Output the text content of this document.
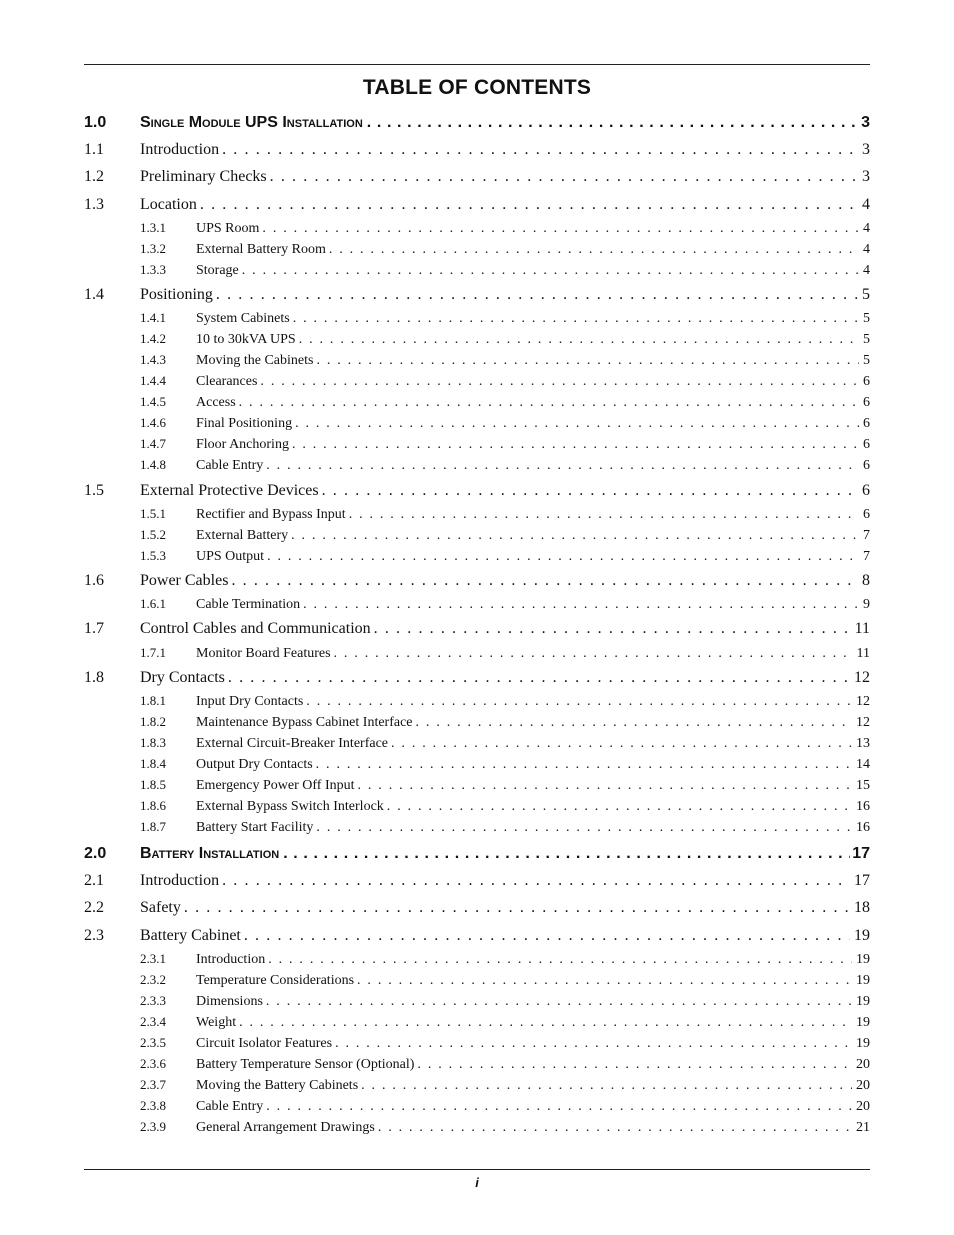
TABLE OF CONTENTS
1.0	Single Module UPS Installation . . .	3
1.1	Introduction . . .	3
1.2	Preliminary Checks . . .	3
1.3	Location . . .	4
1.3.1	UPS Room . . .	4
1.3.2	External Battery Room . . .	4
1.3.3	Storage . . .	4
1.4	Positioning . . .	5
1.4.1	System Cabinets . . .	5
1.4.2	10 to 30kVA UPS . . .	5
1.4.3	Moving the Cabinets . . .	5
1.4.4	Clearances . . .	6
1.4.5	Access . . .	6
1.4.6	Final Positioning . . .	6
1.4.7	Floor Anchoring . . .	6
1.4.8	Cable Entry . . .	6
1.5	External Protective Devices . . .	6
1.5.1	Rectifier and Bypass Input . . .	6
1.5.2	External Battery . . .	7
1.5.3	UPS Output . . .	7
1.6	Power Cables . . .	8
1.6.1	Cable Termination . . .	9
1.7	Control Cables and Communication . . .	11
1.7.1	Monitor Board Features . . .	11
1.8	Dry Contacts . . .	12
1.8.1	Input Dry Contacts . . .	12
1.8.2	Maintenance Bypass Cabinet Interface . . .	12
1.8.3	External Circuit-Breaker Interface . . .	13
1.8.4	Output Dry Contacts . . .	14
1.8.5	Emergency Power Off Input . . .	15
1.8.6	External Bypass Switch Interlock . . .	16
1.8.7	Battery Start Facility . . .	16
2.0	Battery Installation . . .	17
2.1	Introduction . . .	17
2.2	Safety . . .	18
2.3	Battery Cabinet . . .	19
2.3.1	Introduction . . .	19
2.3.2	Temperature Considerations . . .	19
2.3.3	Dimensions . . .	19
2.3.4	Weight . . .	19
2.3.5	Circuit Isolator Features . . .	19
2.3.6	Battery Temperature Sensor (Optional) . . .	20
2.3.7	Moving the Battery Cabinets . . .	20
2.3.8	Cable Entry . . .	20
2.3.9	General Arrangement Drawings . . .	21
i
